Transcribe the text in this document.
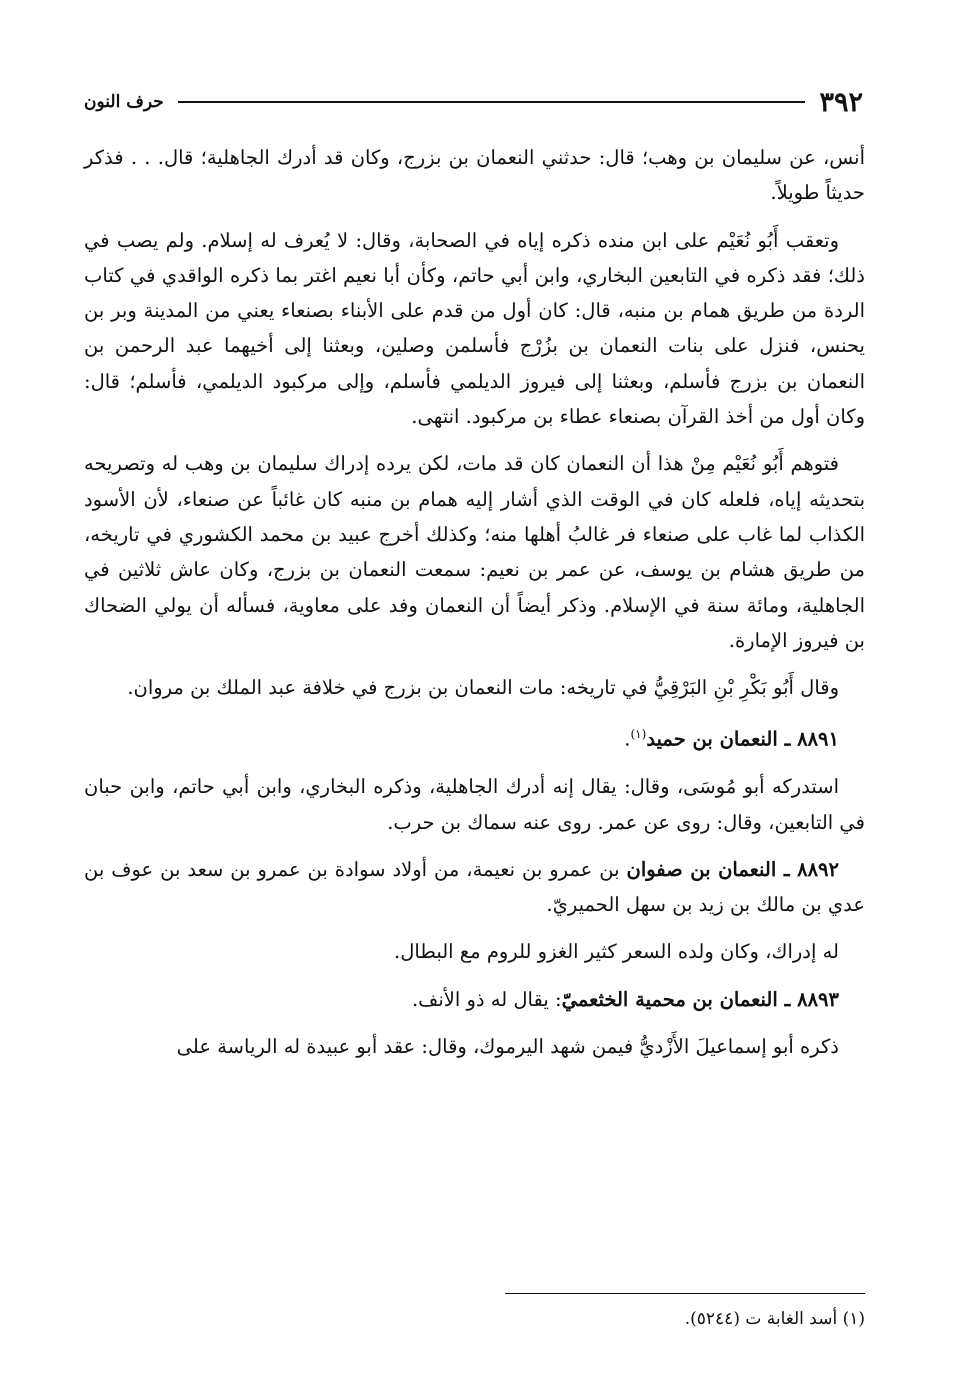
٣٩٢
حرف النون

أنس، عن سليمان بن وهب؛ قال: حدثني النعمان بن بزرج، وكان قد أدرك الجاهلية؛ قال. . . فذكر حديثاً طويلاً.

وتعقب أَبُو نُعَيْم على ابن منده ذكره إياه في الصحابة، وقال: لا يُعرف له إسلام. ولم يصب في ذلك؛ فقد ذكره في التابعين البخاري، وابن أبي حاتم، وكأن أبا نعيم اغتر بما ذكره الواقدي في كتاب الردة من طريق همام بن منبه، قال: كان أول من قدم على الأبناء بصنعاء يعني من المدينة وبر بن يحنس، فنزل على بنات النعمان بن بزُرْج فأسلمن وصلين، وبعثنا إلى أخيهما عبد الرحمن بن النعمان بن بزرج فأسلم، وبعثنا إلى فيروز الديلمي فأسلم، وإلى مركبود الديلمي، فأسلم؛ قال: وكان أول من أخذ القرآن بصنعاء عطاء بن مركبود. انتهى.

فتوهم أَبُو نُعَيْم مِنْ هذا أن النعمان كان قد مات، لكن يرده إدراك سليمان بن وهب له وتصريحه بتحديثه إياه، فلعله كان في الوقت الذي أشار إليه همام بن منبه كان غائباً عن صنعاء، لأن الأسود الكذاب لما غاب على صنعاء فر غالبُ أهلها منه؛ وكذلك أخرج عبيد بن محمد الكشوري في تاريخه، من طريق هشام بن يوسف، عن عمر بن نعيم: سمعت النعمان بن بزرج، وكان عاش ثلاثين في الجاهلية، ومائة سنة في الإسلام. وذكر أيضاً أن النعمان وفد على معاوية، فسأله أن يولي الضحاك بن فيروز الإمارة.

وقال أَبُو بَكْرِ بْنِ البَرْقِيُّ في تاريخه: مات النعمان بن بزرج في خلافة عبد الملك بن مروان.

٨٨٩١ ـ النعمان بن حميد$^{(١)}$.

استدركه أبو مُوسَى، وقال: يقال إنه أدرك الجاهلية، وذكره البخاري، وابن أبي حاتم، وابن حبان في التابعين، وقال: روى عن عمر. روى عنه سماك بن حرب.

٨٨٩٢ ـ النعمان بن صفوان بن عمرو بن نعيمة، من أولاد سوادة بن عمرو بن سعد بن عوف بن عدي بن مالك بن زيد بن سهل الحميريّ.

له إدراك، وكان ولده السعر كثير الغزو للروم مع البطال.

٨٨٩٣ ـ النعمان بن محمية الخثعميّ: يقال له ذو الأنف.

ذكره أبو إسماعيلَ الأَزْديُّ فيمن شهد اليرموك، وقال: عقد أبو عبيدة له الرياسة على

(١) أسد الغابة ت (٥٢٤٤).
